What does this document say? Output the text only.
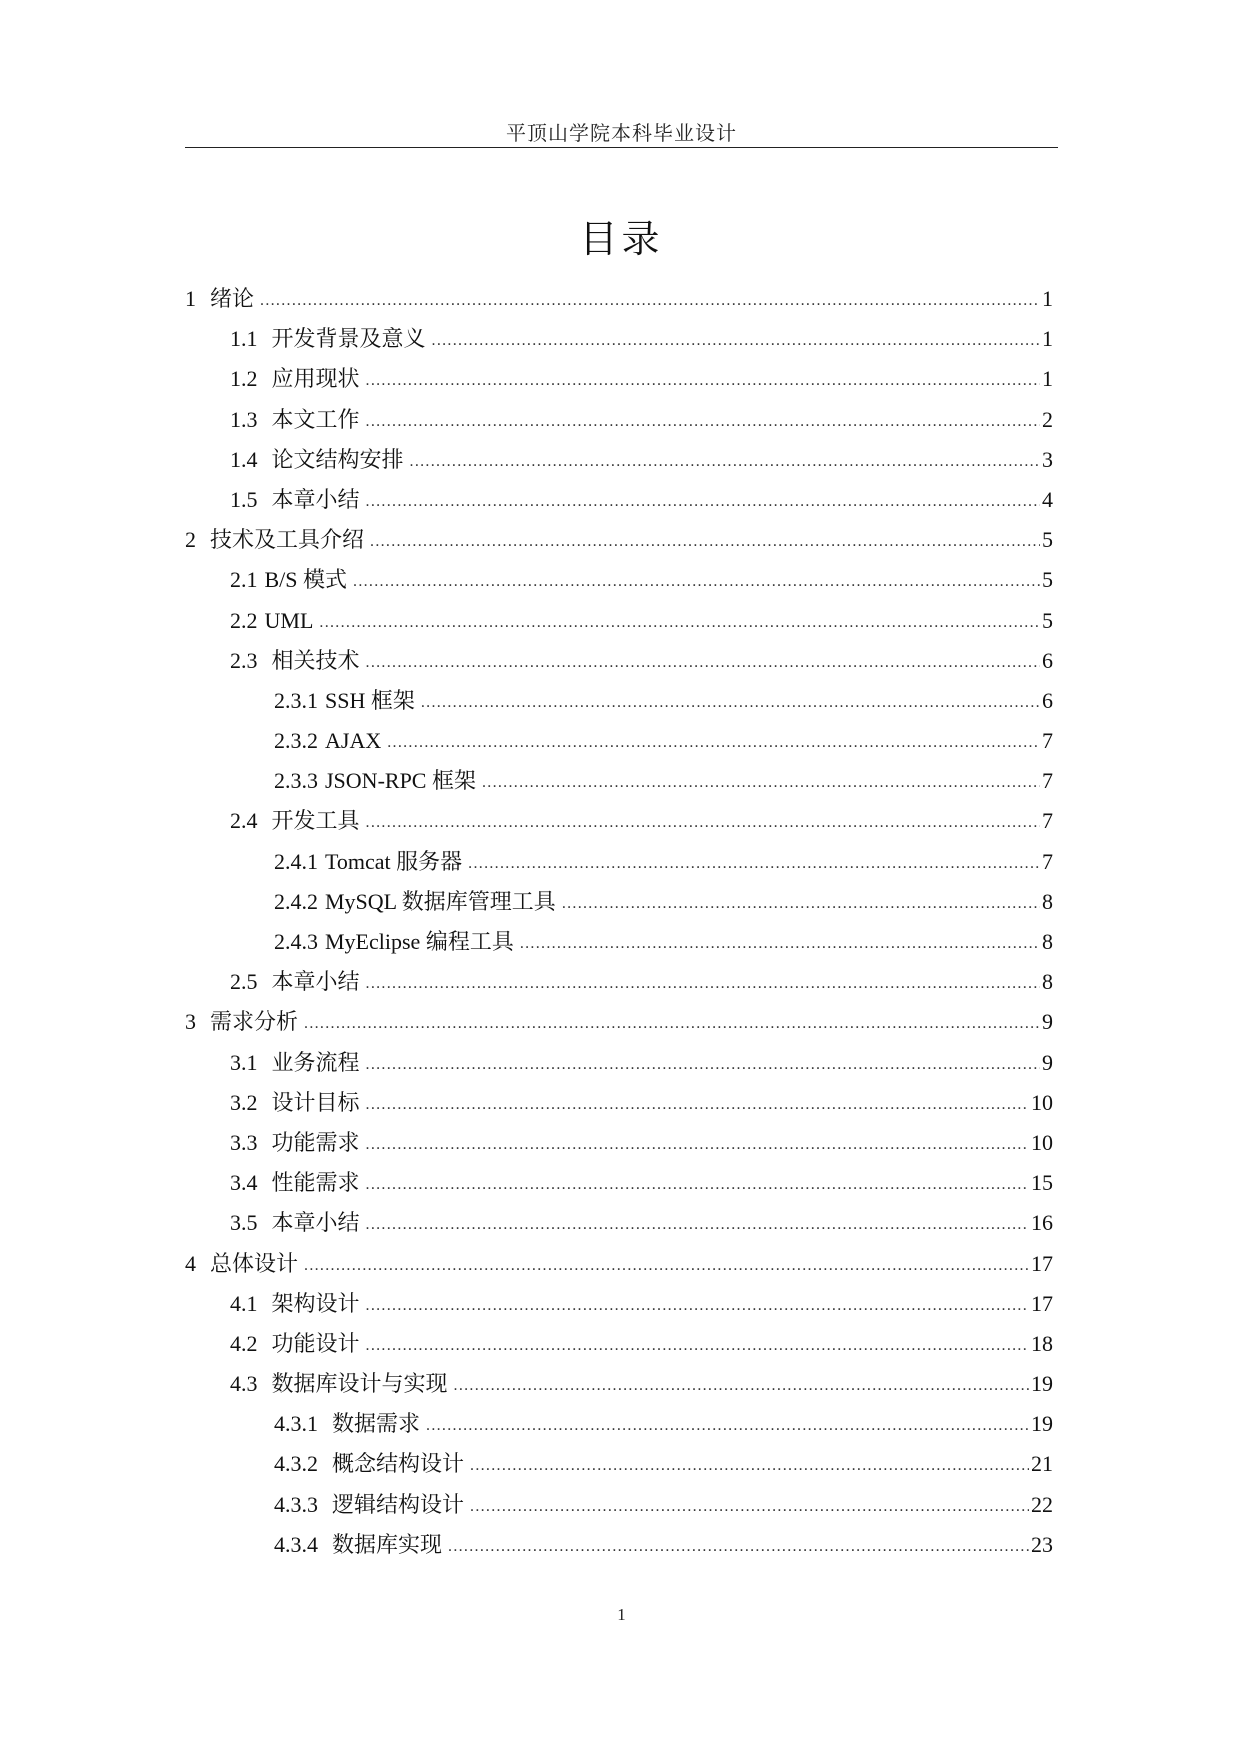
平顶山学院本科毕业设计
目录
1 绪论 .....	1
1.1 开发背景及意义 .....	1
1.2 应用现状 .....	1
1.3 本文工作 .....	2
1.4 论文结构安排 .....	3
1.5 本章小结 .....	4
2 技术及工具介绍 .....	5
2.1 B/S 模式 .....	5
2.2 UML .....	5
2.3 相关技术 .....	6
2.3.1 SSH 框架 .....	6
2.3.2 AJAX .....	7
2.3.3 JSON-RPC 框架 .....	7
2.4 开发工具 .....	7
2.4.1 Tomcat 服务器 .....	7
2.4.2 MySQL 数据库管理工具 .....	8
2.4.3 MyEclipse 编程工具 .....	8
2.5 本章小结 .....	8
3 需求分析 .....	9
3.1 业务流程 .....	9
3.2 设计目标 .....	10
3.3 功能需求 .....	10
3.4 性能需求 .....	15
3.5 本章小结 .....	16
4 总体设计 .....	17
4.1 架构设计 .....	17
4.2 功能设计 .....	18
4.3 数据库设计与实现 .....	19
4.3.1 数据需求 .....	19
4.3.2 概念结构设计 .....	21
4.3.3 逻辑结构设计 .....	22
4.3.4 数据库实现 .....	23
1
